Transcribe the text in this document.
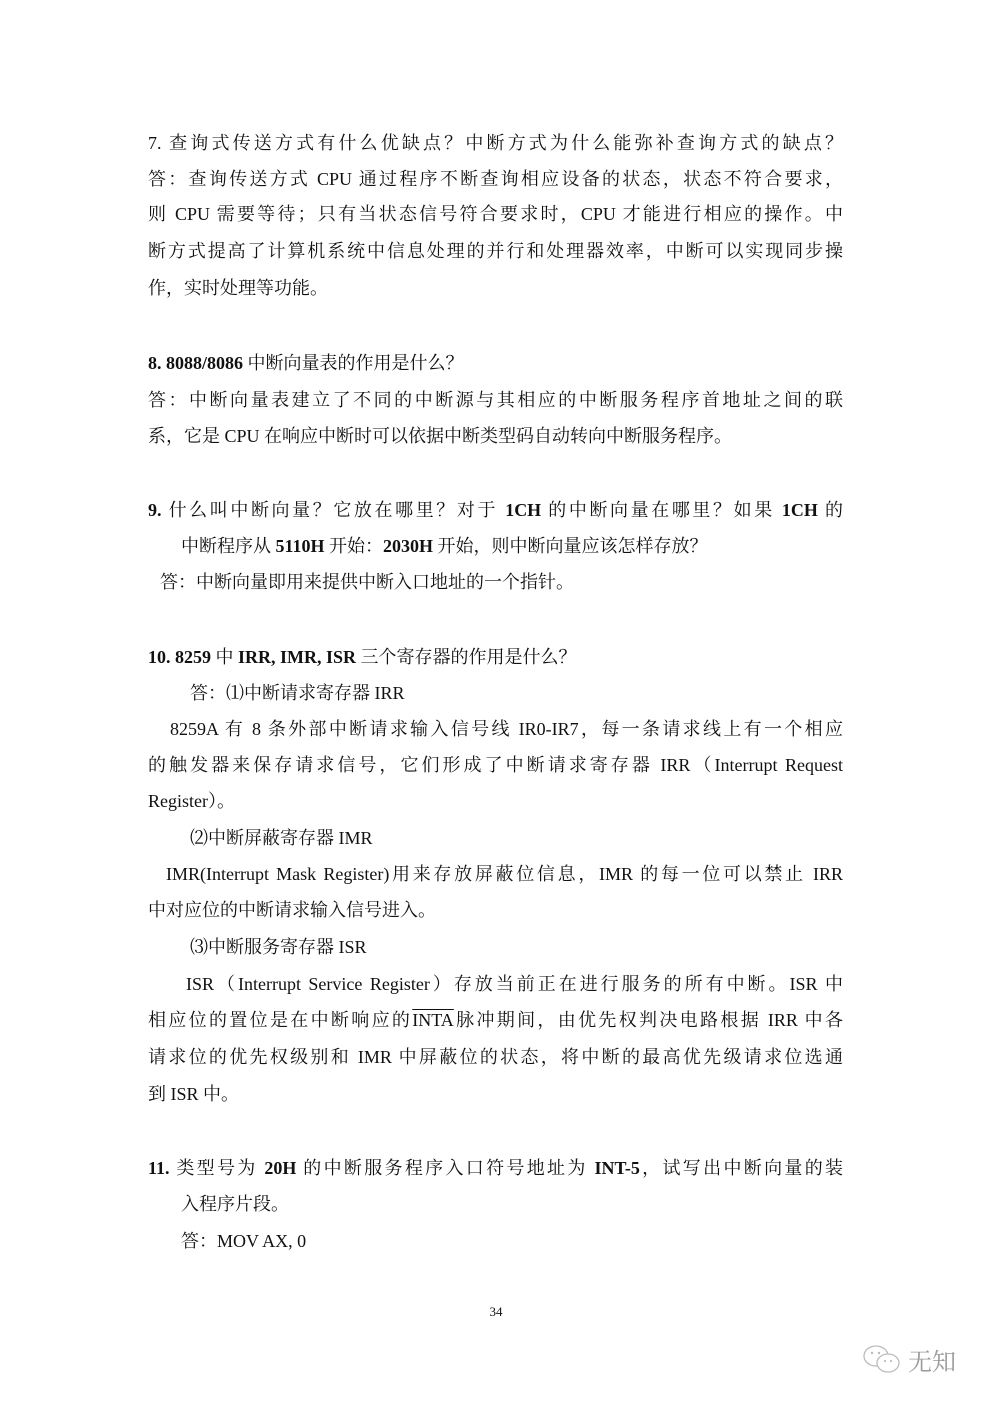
7. 查询式传送方式有什么优缺点？中断方式为什么能弥补查询方式的缺点？
答：查询传送方式 CPU 通过程序不断查询相应设备的状态，状态不符合要求，
则 CPU 需要等待；只有当状态信号符合要求时，CPU 才能进行相应的操作。中
断方式提高了计算机系统中信息处理的并行和处理器效率，中断可以实现同步操
作，实时处理等功能。
8. 8088/8086 中断向量表的作用是什么？
答：中断向量表建立了不同的中断源与其相应的中断服务程序首地址之间的联
系，它是 CPU 在响应中断时可以依据中断类型码自动转向中断服务程序。
9. 什么叫中断向量？它放在哪里？对于 1CH 的中断向量在哪里？如果 1CH 的
中断程序从 5110H 开始：2030H 开始，则中断向量应该怎样存放？
答：中断向量即用来提供中断入口地址的一个指针。
10. 8259 中 IRR, IMR, ISR 三个寄存器的作用是什么？
答：⑴中断请求寄存器 IRR
8259A 有 8 条外部中断请求输入信号线 IR0-IR7，每一条请求线上有一个相应
的触发器来保存请求信号，它们形成了中断请求寄存器 IRR（Interrupt Request
Register）。
⑵中断屏蔽寄存器 IMR
IMR(Interrupt Mask Register)用来存放屏蔽位信息，IMR 的每一位可以禁止 IRR
中对应位的中断请求输入信号进入。
⑶中断服务寄存器 ISR
ISR（Interrupt Service Register）存放当前正在进行服务的所有中断。ISR 中
相应位的置位是在中断响应的INTA脉冲期间，由优先权判决电路根据 IRR 中各
请求位的优先权级别和 IMR 中屏蔽位的状态，将中断的最高优先级请求位选通
到 ISR 中。
11. 类型号为 20H 的中断服务程序入口符号地址为 INT-5，试写出中断向量的装
入程序片段。
答：MOV AX, 0
34
无知
